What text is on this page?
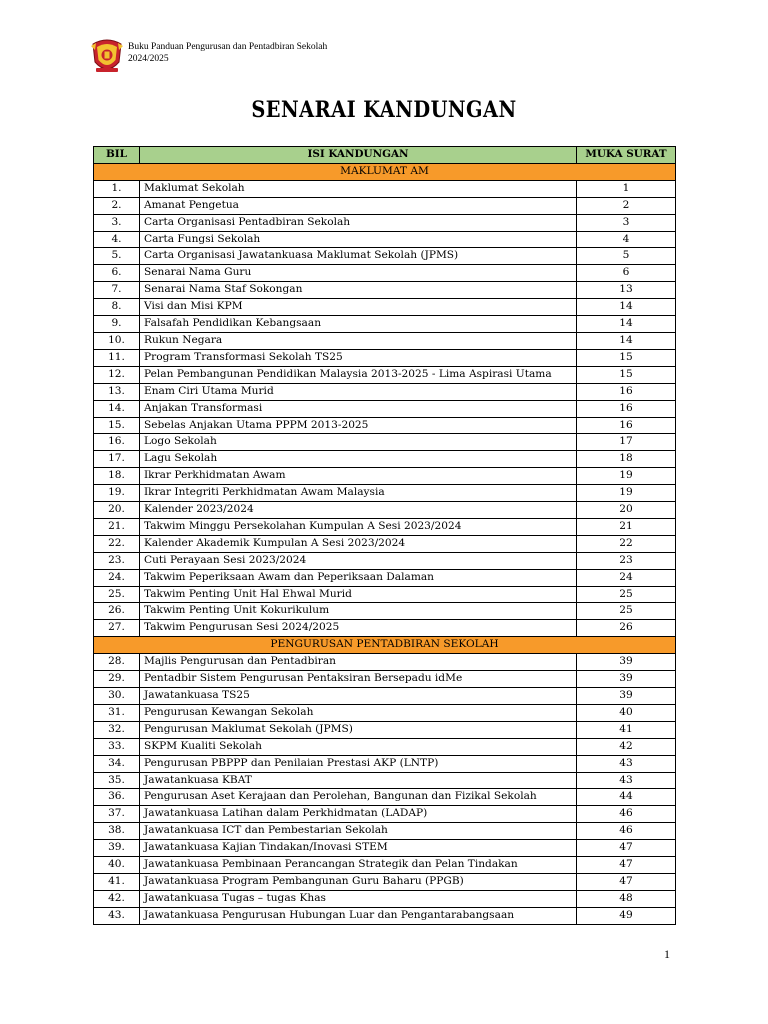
Buku Panduan Pengurusan dan Pentadbiran Sekolah
2024/2025
SENARAI KANDUNGAN
BIL	ISI KANDUNGAN	MUKA SURAT
MAKLUMAT AM		
1.	Maklumat Sekolah	1
2.	Amanat Pengetua	2
3.	Carta Organisasi Pentadbiran Sekolah	3
4.	Carta Fungsi Sekolah	4
5.	Carta Organisasi Jawatankuasa Maklumat Sekolah (JPMS)	5
6.	Senarai Nama Guru	6
7.	Senarai Nama Staf Sokongan	13
8.	Visi dan Misi KPM	14
9.	Falsafah Pendidikan Kebangsaan	14
10.	Rukun Negara	14
11.	Program Transformasi Sekolah TS25	15
12.	Pelan Pembangunan Pendidikan Malaysia 2013-2025 - Lima Aspirasi Utama	15
13.	Enam Ciri Utama Murid	16
14.	Anjakan Transformasi	16
15.	Sebelas Anjakan Utama PPPM 2013-2025	16
16.	Logo Sekolah	17
17.	Lagu Sekolah	18
18.	Ikrar Perkhidmatan Awam	19
19.	Ikrar Integriti Perkhidmatan Awam Malaysia	19
20.	Kalender 2023/2024	20
21.	Takwim Minggu Persekolahan Kumpulan A Sesi 2023/2024	21
22.	Kalender Akademik Kumpulan A Sesi 2023/2024	22
23.	Cuti Perayaan Sesi 2023/2024	23
24.	Takwim Peperiksaan Awam dan Peperiksaan Dalaman	24
25.	Takwim Penting Unit Hal Ehwal Murid	25
26.	Takwim Penting Unit Kokurikulum	25
27.	Takwim Pengurusan Sesi 2024/2025	26
PENGURUSAN PENTADBIRAN SEKOLAH		
28.	Majlis Pengurusan dan Pentadbiran	39
29.	Pentadbir Sistem Pengurusan Pentaksiran Bersepadu idMe	39
30.	Jawatankuasa TS25	39
31.	Pengurusan Kewangan Sekolah	40
32.	Pengurusan Maklumat Sekolah (JPMS)	41
33.	SKPM Kualiti Sekolah	42
34.	Pengurusan PBPPP dan Penilaian Prestasi AKP (LNTP)	43
35.	Jawatankuasa KBAT	43
36.	Pengurusan Aset Kerajaan dan Perolehan, Bangunan dan Fizikal Sekolah	44
37.	Jawatankuasa Latihan dalam Perkhidmatan (LADAP)	46
38.	Jawatankuasa ICT dan Pembestarian Sekolah	46
39.	Jawatankuasa Kajian Tindakan/Inovasi STEM	47
40.	Jawatankuasa Pembinaan Perancangan Strategik dan Pelan Tindakan	47
41.	Jawatankuasa Program Pembangunan Guru Baharu (PPGB)	47
42.	Jawatankuasa Tugas – tugas Khas	48
43.	Jawatankuasa Pengurusan Hubungan Luar dan Pengantarabangsaan	49
1
